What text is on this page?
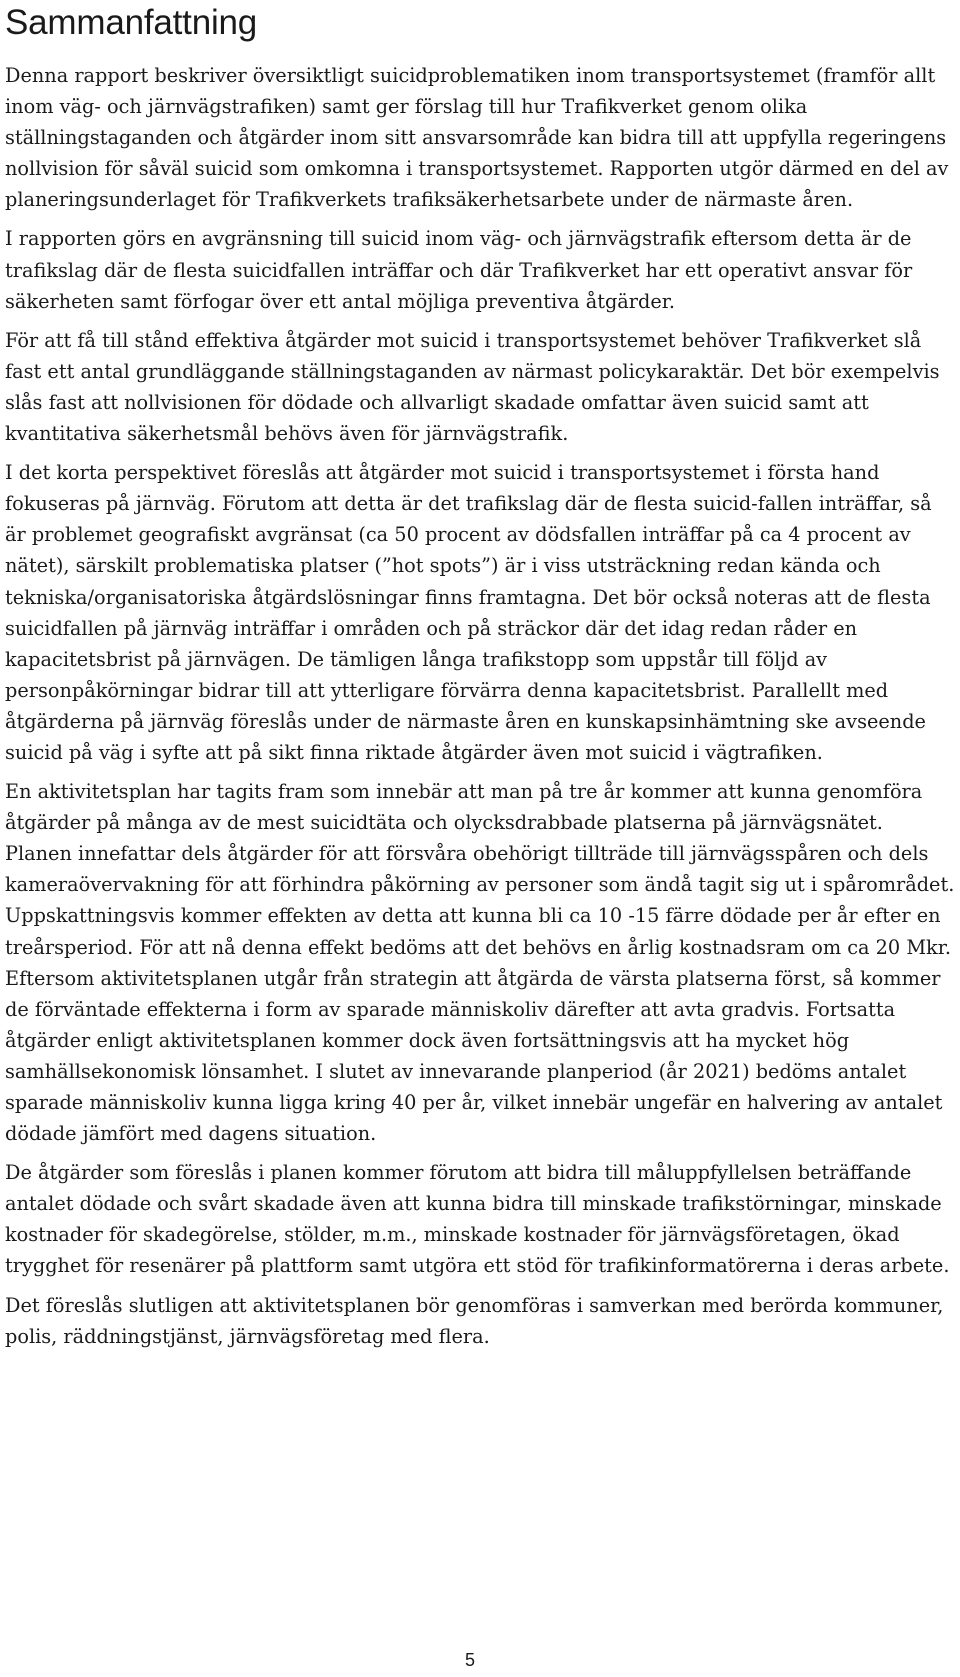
Sammanfattning

Denna rapport beskriver översiktligt suicidproblematiken inom transportsystemet (framför allt inom väg- och järnvägstrafiken) samt ger förslag till hur Trafikverket genom olika ställningstaganden och åtgärder inom sitt ansvarsområde kan bidra till att uppfylla regeringens nollvision för såväl suicid som omkomna i transportsystemet. Rapporten utgör därmed en del av planeringsunderlaget för Trafikverkets trafiksäkerhetsarbete under de närmaste åren.

I rapporten görs en avgränsning till suicid inom väg- och järnvägstrafik eftersom detta är de trafikslag där de flesta suicidfallen inträffar och där Trafikverket har ett operativt ansvar för säkerheten samt förfogar över ett antal möjliga preventiva åtgärder.

För att få till stånd effektiva åtgärder mot suicid i transportsystemet behöver Trafikverket slå fast ett antal grundläggande ställningstaganden av närmast policykaraktär. Det bör exempelvis slås fast att nollvisionen för dödade och allvarligt skadade omfattar även suicid samt att kvantitativa säkerhetsmål behövs även för järnvägstrafik.

I det korta perspektivet föreslås att åtgärder mot suicid i transportsystemet i första hand fokuseras på järnväg. Förutom att detta är det trafikslag där de flesta suicid-fallen inträffar, så är problemet geografiskt avgränsat (ca 50 procent av dödsfallen inträffar på ca 4 procent av nätet), särskilt problematiska platser (”hot spots”) är i viss utsträckning redan kända och tekniska/organisatoriska åtgärdslösningar finns framtagna. Det bör också noteras att de flesta suicidfallen på järnväg inträffar i områden och på sträckor där det idag redan råder en kapacitetsbrist på järnvägen. De tämligen långa trafikstopp som uppstår till följd av personpåkörningar bidrar till att ytterligare förvärra denna kapacitetsbrist. Parallellt med åtgärderna på järnväg föreslås under de närmaste åren en kunskapsinhämtning ske avseende suicid på väg i syfte att på sikt finna riktade åtgärder även mot suicid i vägtrafiken.

En aktivitetsplan har tagits fram som innebär att man på tre år kommer att kunna genomföra åtgärder på många av de mest suicidtäta och olycksdrabbade platserna på järnvägsnätet. Planen innefattar dels åtgärder för att försvåra obehörigt tillträde till järnvägsspåren och dels kameraövervakning för att förhindra påkörning av personer som ändå tagit sig ut i spårområdet. Uppskattningsvis kommer effekten av detta att kunna bli ca 10 -15 färre dödade per år efter en treårsperiod. För att nå denna effekt bedöms att det behövs en årlig kostnadsram om ca 20 Mkr. Eftersom aktivitetsplanen utgår från strategin att åtgärda de värsta platserna först, så kommer de förväntade effekterna i form av sparade människoliv därefter att avta gradvis. Fortsatta åtgärder enligt aktivitetsplanen kommer dock även fortsättningsvis att ha mycket hög samhällsekonomisk lönsamhet. I slutet av innevarande planperiod (år 2021) bedöms antalet sparade människoliv kunna ligga kring 40 per år, vilket innebär ungefär en halvering av antalet dödade jämfört med dagens situation.

De åtgärder som föreslås i planen kommer förutom att bidra till måluppfyllelsen beträffande antalet dödade och svårt skadade även att kunna bidra till minskade trafikstörningar, minskade kostnader för skadegörelse, stölder, m.m., minskade kostnader för järnvägsföretagen, ökad trygghet för resenärer på plattform samt utgöra ett stöd för trafikinformatörerna i deras arbete.

Det föreslås slutligen att aktivitetsplanen bör genomföras i samverkan med berörda kommuner, polis, räddningstjänst, järnvägsföretag med flera.

5
